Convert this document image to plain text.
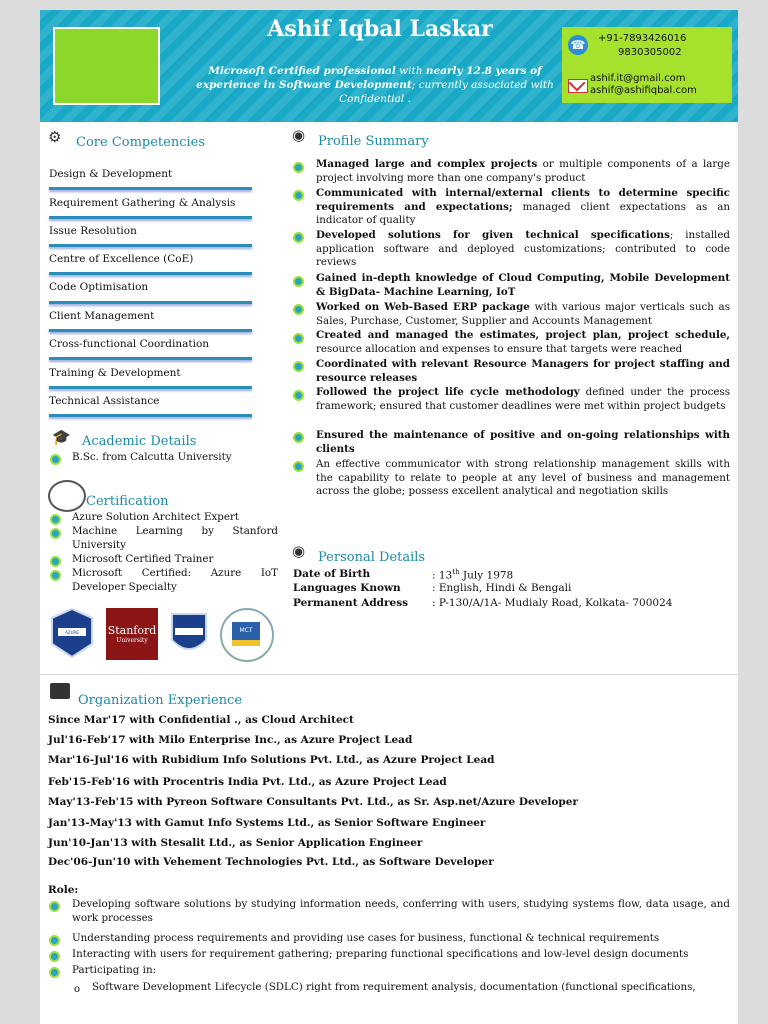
Ashif Iqbal Laskar
Microsoft Certified professional with nearly 12.8 years of experience in Software Development; currently associated with Confidential .
☎ +91-7893426016
9830305002
ashif.it@gmail.com
ashif@ashifiqbal.com
⚙	Core Competencies
Design & Development
Requirement Gathering & Analysis
Issue Resolution
Centre of Excellence (CoE)
Code Optimisation
Client Management
Cross-functional Coordination
Training & Development
Technical Assistance
🎓 Academic Details
B.Sc. from Calcutta University
Certification
Azure Solution Architect Expert
Machine Learning by Stanford University
Microsoft Certified Trainer
Microsoft Certified: Azure IoT Developer Specialty
AZURE	Stanford
University
MCT
◉ Profile Summary
Managed large and complex projects or multiple components of a large project involving more than one company's product
Communicated with internal/external clients to determine specific requirements and expectations; managed client expectations as an indicator of quality
Developed solutions for given technical specifications; installed application software and deployed customizations; contributed to code reviews
Gained in-depth knowledge of Cloud Computing, Mobile Development & BigData- Machine Learning, IoT
Worked on Web-Based ERP package with various major verticals such as Sales, Purchase, Customer, Supplier and Accounts Management
Created and managed the estimates, project plan, project schedule, resource allocation and expenses to ensure that targets were reached
Coordinated with relevant Resource Managers for project staffing and resource releases
Followed the project life cycle methodology defined under the process framework; ensured that customer deadlines were met within project budgets
Ensured the maintenance of positive and on-going relationships with clients
An effective communicator with strong relationship management skills with the capability to relate to people at any level of business and management across the globe; possess excellent analytical and negotiation skills
◉ Personal Details
Date of Birth	: 13th July 1978
Languages Known	: English, Hindi & Bengali
Permanent Address : P-130/A/1A- Mudialy Road, Kolkata- 700024
Organization Experience
Since Mar'17 with Confidential ., as Cloud Architect
Jul'16-Feb'17 with Milo Enterprise Inc., as Azure Project Lead
Mar'16-Jul'16 with Rubidium Info Solutions Pvt. Ltd., as Azure Project Lead
Feb'15-Feb'16 with Procentris India Pvt. Ltd., as Azure Project Lead
May'13-Feb'15 with Pyreon Software Consultants Pvt. Ltd., as Sr. Asp.net/Azure Developer
Jan'13-May'13 with Gamut Info Systems Ltd., as Senior Software Engineer
Jun'10-Jan'13 with Stesalit Ltd., as Senior Application Engineer
Dec'06-Jun'10 with Vehement Technologies Pvt. Ltd., as Software Developer
Role:
Developing software solutions by studying information needs, conferring with users, studying systems flow, data usage, and work processes
Understanding process requirements and providing use cases for business, functional & technical requirements
Interacting with users for requirement gathering; preparing functional specifications and low-level design documents
Participating in:
o Software Development Lifecycle (SDLC) right from requirement analysis, documentation (functional specifications,
